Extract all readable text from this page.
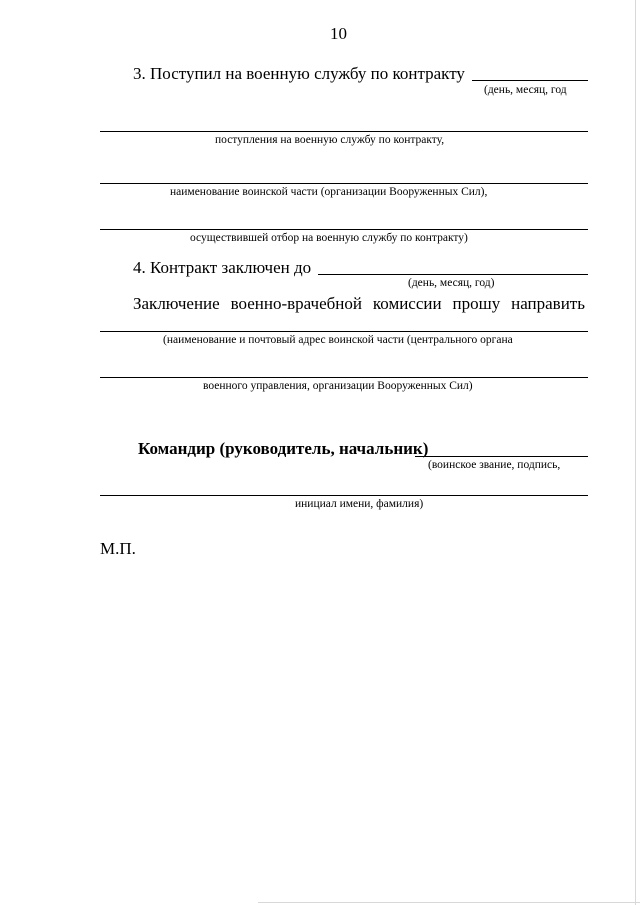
10
3. Поступил на военную службу по контракту
(день, месяц, год
поступления на военную службу по контракту,
наименование воинской части (организации Вооруженных Сил),
осуществившей отбор на военную службу по контракту)
4. Контракт заключен до
(день, месяц, год)
Заключение военно-врачебной комиссии прошу направить
(наименование и почтовый адрес воинской части (центрального органа
военного управления, организации Вооруженных Сил)
Командир (руководитель, начальник)
(воинское звание, подпись,
инициал имени, фамилия)
М.П.
